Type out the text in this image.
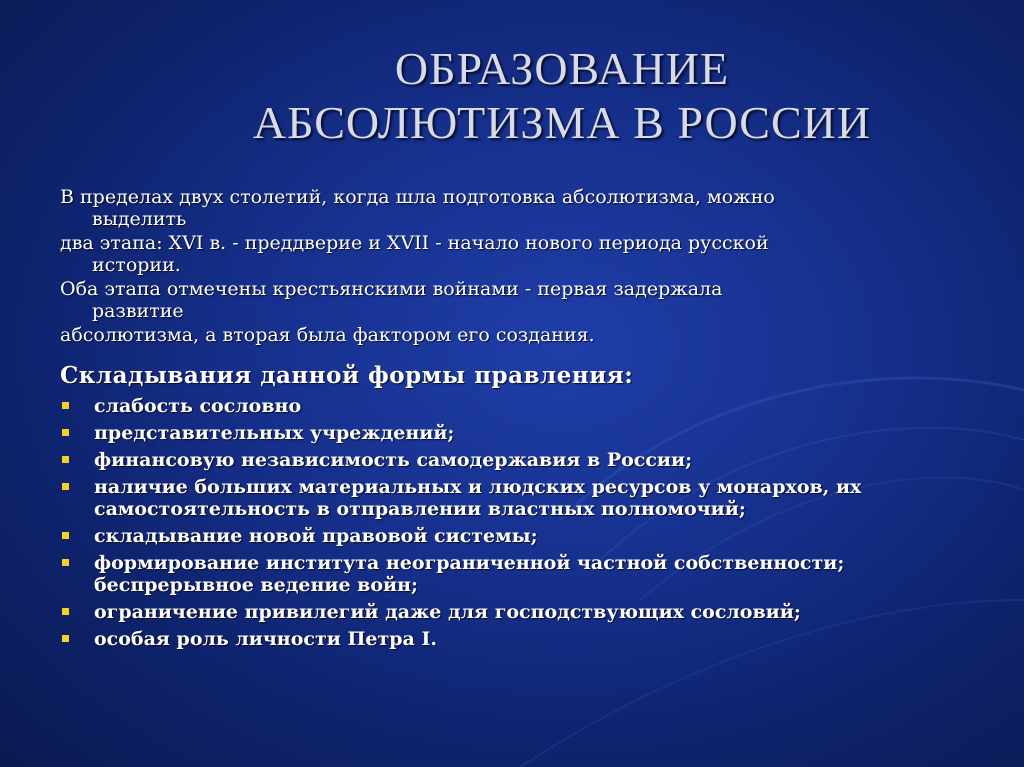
ОБРАЗОВАНИЕ
АБСОЛЮТИЗМА В РОССИИ

В пределах двух столетий, когда шла подготовка абсолютизма, можно
выделить

два этапа: XVI в. - преддверие и XVII - начало нового периода русской
истории.

Оба этапа отмечены крестьянскими войнами - первая задержала
развитие

абсолютизма, а вторая была фактором его создания.

Складывания данной формы правления:
слабость сословно
представительных учреждений;
финансовую независимость самодержавия в России;
наличие больших материальных и людских ресурсов у монархов, их самостоятельность в отправлении властных полномочий;
складывание новой правовой системы;
формирование института неограниченной частной собственности; беспрерывное ведение войн;
ограничение привилегий даже для господствующих сословий;
особая роль личности Петра I.
